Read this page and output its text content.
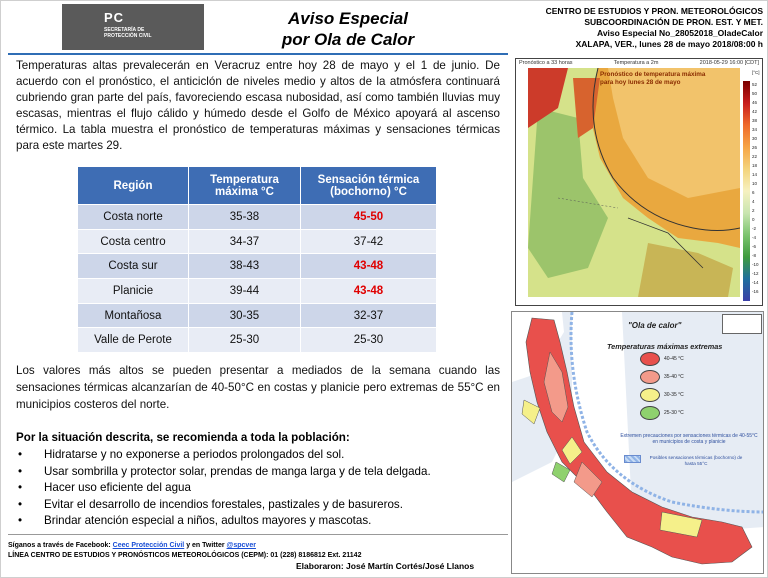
PC
SECRETARÍA DE
PROTECCIÓN CIVIL
Aviso Especial
por Ola de Calor
CENTRO DE ESTUDIOS Y PRON. METEOROLÓGICOS
SUBCOORDINACIÓN DE PRON. EST. Y MET.
Aviso Especial No_28052018_OladeCalor
XALAPA, VER., lunes 28 de mayo 2018/08:00 h
Temperaturas altas prevalecerán en Veracruz entre hoy 28 de mayo y el 1 de junio. De acuerdo con el pronóstico, el anticiclón de niveles medio y altos de la atmósfera continuará cubriendo gran parte del país, favoreciendo escasa nubosidad, así como también lluvias muy escasas, mientras el flujo cálido y húmedo desde el Golfo de México apoyará al ascenso térmico. La tabla muestra el pronóstico de temperaturas máximas y sensaciones térmicas para este martes 29.
Región	Temperatura máxima °C	Sensación térmica (bochorno) °C
Costa norte	35-38	45-50
Costa centro	34-37	37-42
Costa sur	38-43	43-48
Planicie	39-44	43-48
Montañosa	30-35	32-37
Valle de Perote	25-30	25-30
Los valores más altos se pueden presentar a mediados de la semana cuando las sensaciones térmicas alcanzarían de 40-50°C en costas y planicie pero extremas de 55°C en municipios costeros del norte.
Por la situación descrita, se recomienda a toda la población:
• Hidratarse y no exponerse a periodos prolongados del sol.
• Usar sombrilla y protector solar, prendas de manga larga y de tela delgada.
• Hacer uso eficiente del agua
• Evitar el desarrollo de incendios forestales, pastizales y de basureros.
• Brindar atención especial a niños, adultos mayores y mascotas.
Síganos a través de Facebook: Ceec Protección Civil y en Twitter @spcver
LÍNEA CENTRO DE ESTUDIOS Y PRONÓSTICOS METEOROLÓGICOS (CEPM): 01 (228) 8186812 Ext. 21142
Elaboraron: José Martín Cortés/José Llanos
Pronóstico a 33 horas	Temperatura a 2m	2018-05-29 16:00 [CDT]
Pronóstico de temperatura máxima
para hoy lunes 28 de mayo
[°C]
52
50
46
42
38
34
30
26
22
18
14
10
6
4
2
0
-2
-4
-6
-8
-10
-12
-14
-16
"Ola de calor"
Temperaturas máximas extremas
40-45 °C
35-40 °C
30-35 °C
25-30 °C
Extremen precauciones por sensaciones térmicas de 40-55°C en municipios de costa y planicie
Posibles sensaciones térmicas (bochorno) de hasta 55°C
